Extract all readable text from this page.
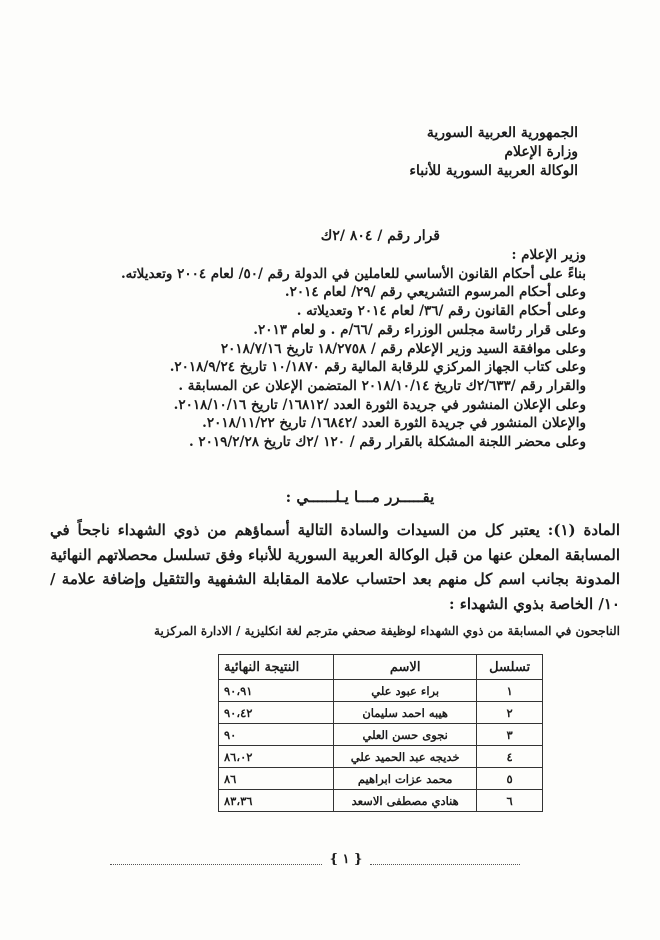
الجمهورية العربية السورية
وزارة الإعلام
الوكالة العربية السورية للأنباء
قرار رقم / ٨٠٤ /٢ك
وزير الإعلام :
بناءً على أحكام القانون الأساسي للعاملين في الدولة رقم /٥٠/ لعام ٢٠٠٤ وتعديلاته.
وعلى أحكام المرسوم التشريعي رقم /٢٩/ لعام ٢٠١٤.
وعلى أحكام القانون رقم /٣٦/ لعام ٢٠١٤ وتعديلاته .
وعلى قرار رئاسة مجلس الوزراء رقم /٦٦/م . و لعام ٢٠١٣.
وعلى موافقة السيد وزير الإعلام رقم / ١٨/٢٧٥٨ تاريخ ٢٠١٨/٧/١٦
وعلى كتاب الجهاز المركزي للرقابة المالية رقم ١٠/١٨٧٠ تاريخ ٢٠١٨/٩/٢٤.
والقرار رقم /٢/٦٣٣ك تاريخ ٢٠١٨/١٠/١٤ المتضمن الإعلان عن المسابقة .
وعلى الإعلان المنشور في جريدة الثورة العدد /١٦٨١٢/ تاريخ ٢٠١٨/١٠/١٦.
والإعلان المنشور في جريدة الثورة العدد /١٦٨٤٢/ تاريخ ٢٠١٨/١١/٢٢.
وعلى محضر اللجنة المشكلة بالقرار رقم / ١٢٠ /٢ك تاريخ ٢٠١٩/٢/٢٨ .
يقـــــرر مـــا يـلــــــي :
المادة (١): يعتبر كل من السيدات والسادة التالية أسماؤهم من ذوي الشهداء ناجحاً في المسابقة المعلن عنها من قبل الوكالة العربية السورية للأنباء وفق تسلسل محصلاتهم النهائية المدونة بجانب اسم كل منهم بعد احتساب علامة المقابلة الشفهية والتثقيل وإضافة علامة /١٠/ الخاصة بذوي الشهداء :
الناجحون في المسابقة من ذوي الشهداء لوظيفة صحفي مترجم لغة انكليزية / الادارة المركزية
تسلسل	الاسم	النتيجة النهائية
١	براء عبود علي	٩٠،٩١
٢	هيبه احمد سليمان	٩٠،٤٢
٣	نجوى حسن العلي	٩٠
٤	خديجه عبد الحميد علي	٨٦،٠٢
٥	محمد عزات ابراهيم	٨٦
٦	هنادي مصطفى الاسعد	٨٣،٣٦
{ ١ }
